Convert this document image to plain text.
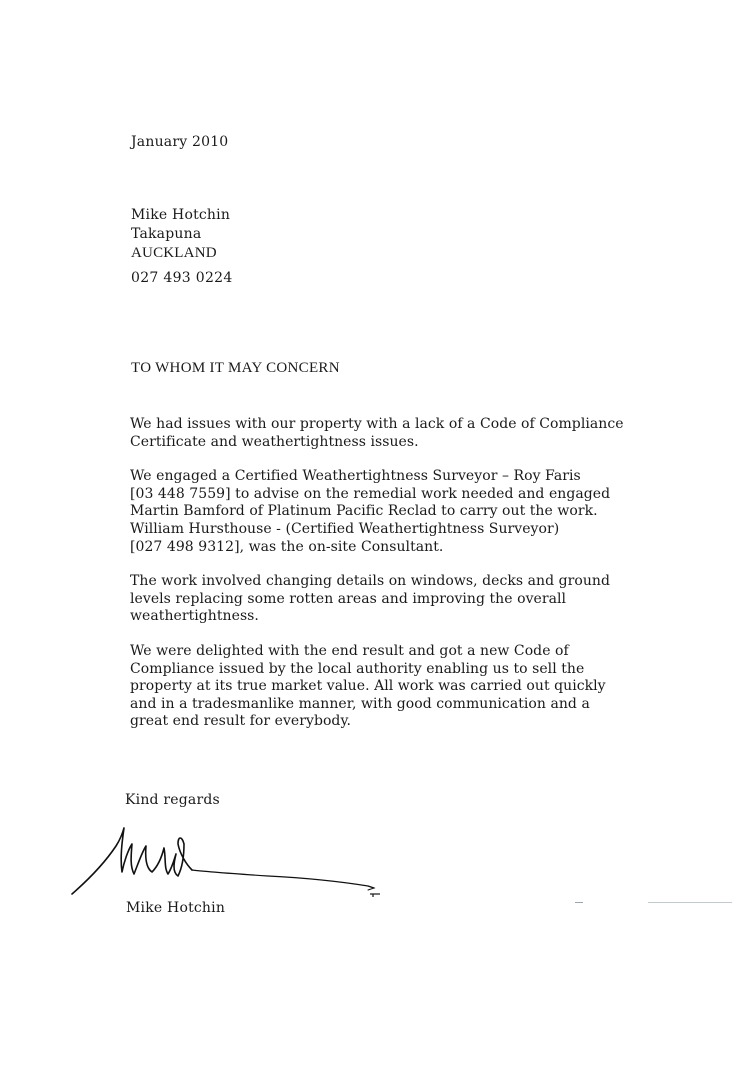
January 2010
Mike Hotchin
Takapuna
AUCKLAND
027 493 0224
TO WHOM IT MAY CONCERN

We had issues with our property with a lack of a Code of Compliance
Certificate and weathertightness issues.

We engaged a Certified Weathertightness Surveyor – Roy Faris
[03 448 7559] to advise on the remedial work needed and engaged
Martin Bamford of Platinum Pacific Reclad to carry out the work.
William Hursthouse - (Certified Weathertightness Surveyor)
[027 498 9312], was the on-site Consultant.

The work involved changing details on windows, decks and ground
levels replacing some rotten areas and improving the overall
weathertightness.

We were delighted with the end result and got a new Code of
Compliance issued by the local authority enabling us to sell the
property at its true market value. All work was carried out quickly
and in a tradesmanlike manner, with good communication and a
great end result for everybody.

Kind regards
Mike Hotchin
